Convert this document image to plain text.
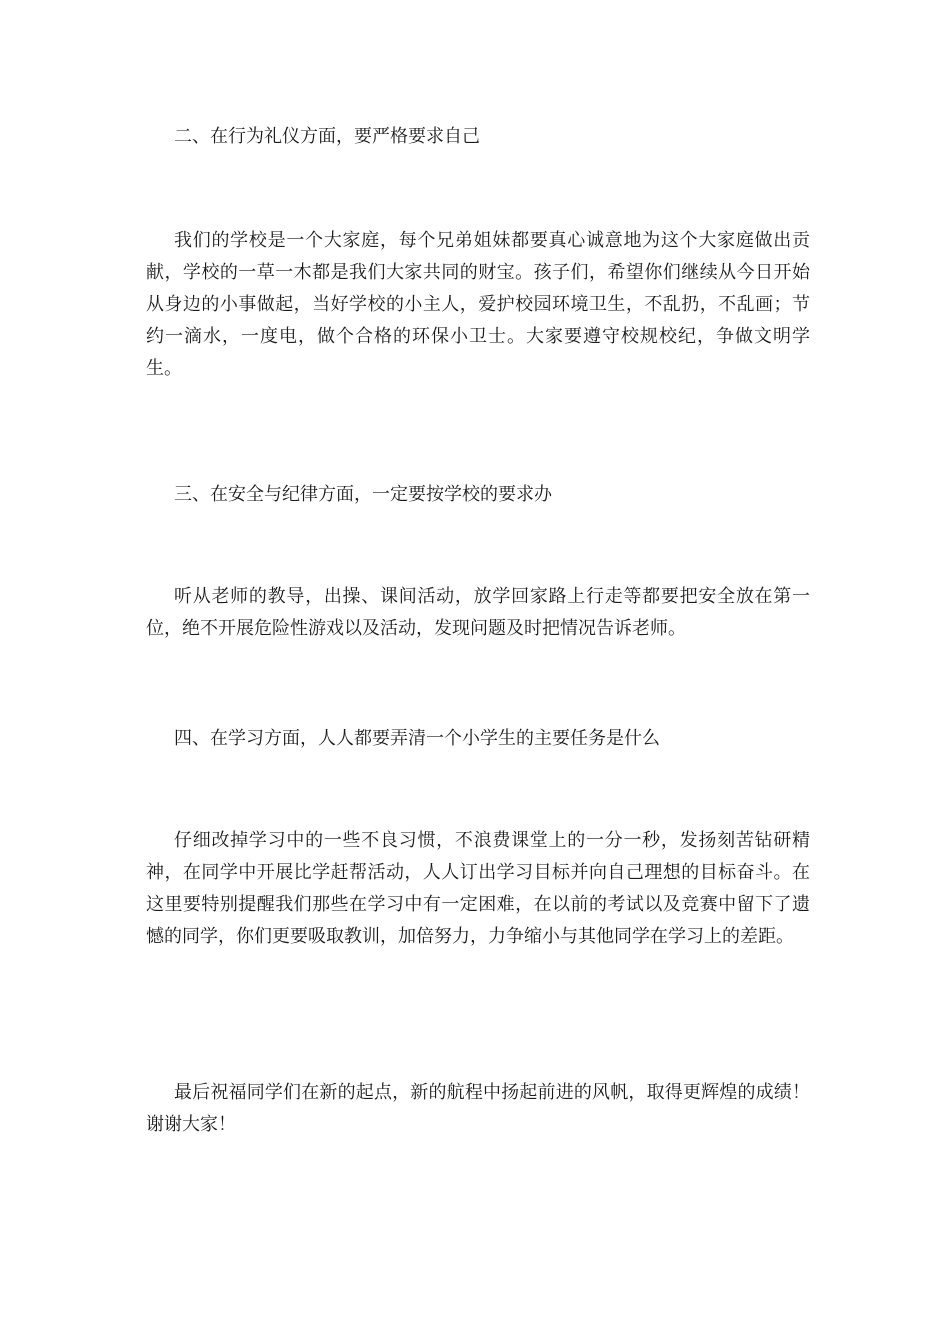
二、在行为礼仪方面，要严格要求自己

我们的学校是一个大家庭，每个兄弟姐妹都要真心诚意地为这个大家庭做出贡献，学校的一草一木都是我们大家共同的财宝。孩子们，希望你们继续从今日开始从身边的小事做起，当好学校的小主人，爱护校园环境卫生，不乱扔，不乱画；节约一滴水，一度电，做个合格的环保小卫士。大家要遵守校规校纪，争做文明学生。

三、在安全与纪律方面，一定要按学校的要求办

听从老师的教导，出操、课间活动，放学回家路上行走等都要把安全放在第一位，绝不开展危险性游戏以及活动，发现问题及时把情况告诉老师。

四、在学习方面，人人都要弄清一个小学生的主要任务是什么

仔细改掉学习中的一些不良习惯，不浪费课堂上的一分一秒，发扬刻苦钻研精神，在同学中开展比学赶帮活动，人人订出学习目标并向自己理想的目标奋斗。在这里要特别提醒我们那些在学习中有一定困难，在以前的考试以及竞赛中留下了遗憾的同学，你们更要吸取教训，加倍努力，力争缩小与其他同学在学习上的差距。

最后祝福同学们在新的起点，新的航程中扬起前进的风帆，取得更辉煌的成绩！谢谢大家！
